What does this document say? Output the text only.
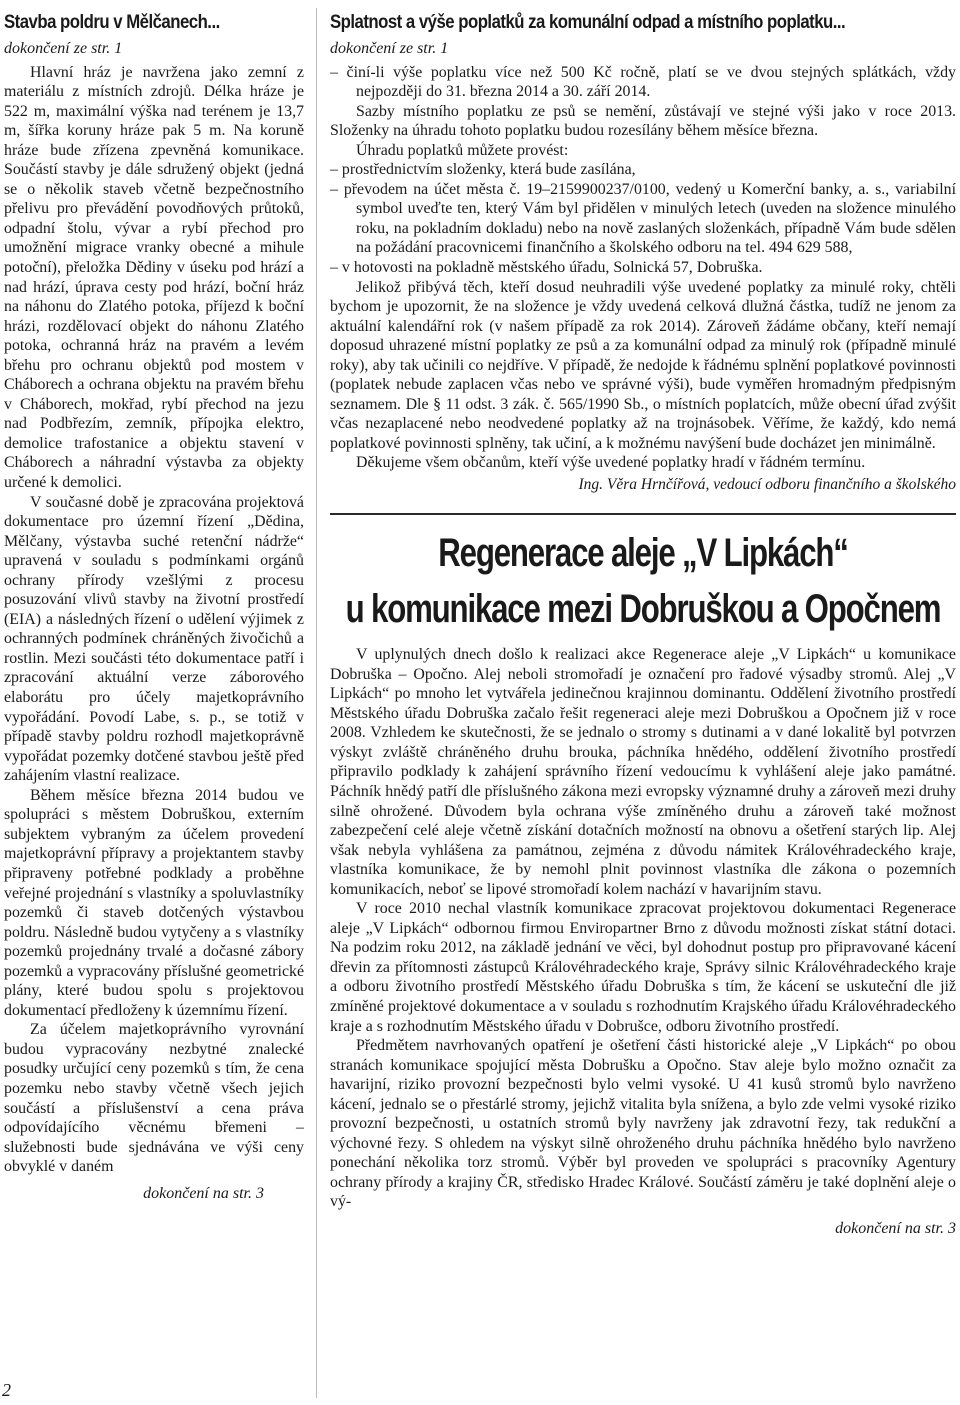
Stavba poldru v Mělčanech...
dokončení ze str. 1

Hlavní hráz je navržena jako zemní z materiálu z místních zdrojů. Délka hráze je 522 m, maximální výška nad terénem je 13,7 m, šířka koruny hráze pak 5 m. Na koruně hráze bude zřízena zpevněná komunikace. Součástí stavby je dále sdružený objekt (jedná se o několik staveb včetně bezpečnostního přelivu pro převádění povodňových průtoků, odpadní štolu, vývar a rybí přechod pro umožnění migrace vranky obecné a mihule potoční), přeložka Dědiny v úseku pod hrází a nad hrází, úprava cesty pod hrází, boční hráz na náhonu do Zlatého potoka, příjezd k boční hrázi, rozdělovací objekt do náhonu Zlatého potoka, ochranná hráz na pravém a levém břehu pro ochranu objektů pod mostem v Cháborech a ochrana objektu na pravém břehu v Cháborech, mokřad, rybí přechod na jezu nad Podbřezím, zemník, přípojka elektro, demolice trafostanice a objektu stavení v Cháborech a náhradní výstavba za objekty určené k demolici.

V současné době je zpracována projektová dokumentace pro územní řízení „Dědina, Mělčany, výstavba suché retenční nádrže“ upravená v souladu s podmínkami orgánů ochrany přírody vzešlými z procesu posuzování vlivů stavby na životní prostředí (EIA) a následných řízení o udělení výjimek z ochranných podmínek chráněných živočichů a rostlin. Mezi součásti této dokumentace patří i zpracování aktuální verze záborového elaborátu pro účely majetkoprávního vypořádání. Povodí Labe, s. p., se totiž v případě stavby poldru rozhodl majetkoprávně vypořádat pozemky dotčené stavbou ještě před zahájením vlastní realizace.

Během měsíce března 2014 budou ve spolupráci s městem Dobruškou, externím subjektem vybraným za účelem provedení majetkoprávní přípravy a projektantem stavby připraveny potřebné podklady a proběhne veřejné projednání s vlastníky a spoluvlastníky pozemků či staveb dotčených výstavbou poldru. Následně budou vytyčeny a s vlastníky pozemků projednány trvalé a dočasné zábory pozemků a vypracovány příslušné geometrické plány, které budou spolu s projektovou dokumentací předloženy k územnímu řízení.

Za účelem majetkoprávního vyrovnání budou vypracovány nezbytné znalecké posudky určující ceny pozemků s tím, že cena pozemku nebo stavby včetně všech jejich součástí a příslušenství a cena práva odpovídajícího věcnému břemeni – služebnosti bude sjednávána ve výši ceny obvyklé v daném

dokončení na str. 3
2
Splatnost a výše poplatků za komunální odpad a místního poplatku...
dokončení ze str. 1

– činí-li výše poplatku více než 500 Kč ročně, platí se ve dvou stejných splátkách, vždy nejpozději do 31. března 2014 a 30. září 2014.

Sazby místního poplatku ze psů se nemění, zůstávají ve stejné výši jako v roce 2013. Složenky na úhradu tohoto poplatku budou rozesílány během měsíce března.

Úhradu poplatků můžete provést:

– prostřednictvím složenky, která bude zasílána,

– převodem na účet města č. 19–2159900237/0100, vedený u Komerční banky, a. s., variabilní symbol uveďte ten, který Vám byl přidělen v minulých letech (uveden na složence minulého roku, na pokladním dokladu) nebo na nově zaslaných složenkách, případně Vám bude sdělen na požádání pracovnicemi finančního a školského odboru na tel. 494 629 588,

– v hotovosti na pokladně městského úřadu, Solnická 57, Dobruška.

Jelikož přibývá těch, kteří dosud neuhradili výše uvedené poplatky za minulé roky, chtěli bychom je upozornit, že na složence je vždy uvedená celková dlužná částka, tudíž ne jenom za aktuální kalendářní rok (v našem případě za rok 2014). Zároveň žádáme občany, kteří nemají doposud uhrazené místní poplatky ze psů a za komunální odpad za minulý rok (případně minulé roky), aby tak učinili co nejdříve. V případě, že nedojde k řádnému splnění poplatkové povinnosti (poplatek nebude zaplacen včas nebo ve správné výši), bude vyměřen hromadným předpisným seznamem. Dle § 11 odst. 3 zák. č. 565/1990 Sb., o místních poplatcích, může obecní úřad zvýšit včas nezaplacené nebo neodvedené poplatky až na trojnásobek. Věříme, že každý, kdo nemá poplatkové povinnosti splněny, tak učiní, a k možnému navýšení bude docházet jen minimálně.

Děkujeme všem občanům, kteří výše uvedené poplatky hradí v řádném termínu.

Ing. Věra Hrnčířová, vedoucí odboru finančního a školského
Regenerace aleje „V Lipkách“
u komunikace mezi Dobruškou a Opočnem

V uplynulých dnech došlo k realizaci akce Regenerace aleje „V Lipkách“ u komunikace Dobruška – Opočno. Alej neboli stromořadí je označení pro řadové výsadby stromů. Alej „V Lipkách“ po mnoho let vytvářela jedinečnou krajinnou dominantu. Oddělení životního prostředí Městského úřadu Dobruška začalo řešit regeneraci aleje mezi Dobruškou a Opočnem již v roce 2008. Vzhledem ke skutečnosti, že se jednalo o stromy s dutinami a v dané lokalitě byl potvrzen výskyt zvláště chráněného druhu brouka, páchníka hnědého, oddělení životního prostředí připravilo podklady k zahájení správního řízení vedoucímu k vyhlášení aleje jako památné. Páchník hnědý patří dle příslušného zákona mezi evropsky významné druhy a zároveň mezi druhy silně ohrožené. Důvodem byla ochrana výše zmíněného druhu a zároveň také možnost zabezpečení celé aleje včetně získání dotačních možností na obnovu a ošetření starých lip. Alej však nebyla vyhlášena za památnou, zejména z důvodu námitek Královéhradeckého kraje, vlastníka komunikace, že by nemohl plnit povinnost vlastníka dle zákona o pozemních komunikacích, neboť se lipové stromořadí kolem nachází v havarijním stavu.

V roce 2010 nechal vlastník komunikace zpracovat projektovou dokumentaci Regenerace aleje „V Lipkách“ odbornou firmou Enviropartner Brno z důvodu možnosti získat státní dotaci. Na podzim roku 2012, na základě jednání ve věci, byl dohodnut postup pro připravované kácení dřevin za přítomnosti zástupců Královéhradeckého kraje, Správy silnic Královéhradeckého kraje a odboru životního prostředí Městského úřadu Dobruška s tím, že kácení se uskuteční dle již zmíněné projektové dokumentace a v souladu s rozhodnutím Krajského úřadu Královéhradeckého kraje a s rozhodnutím Městského úřadu v Dobrušce, odboru životního prostředí.

Předmětem navrhovaných opatření je ošetření části historické aleje „V Lipkách“ po obou stranách komunikace spojující města Dobrušku a Opočno. Stav aleje bylo možno označit za havarijní, riziko provozní bezpečnosti bylo velmi vysoké. U 41 kusů stromů bylo navrženo kácení, jednalo se o přestárlé stromy, jejichž vitalita byla snížena, a bylo zde velmi vysoké riziko provozní bezpečnosti, u ostatních stromů byly navrženy jak zdravotní řezy, tak redukční a výchovné řezy. S ohledem na výskyt silně ohroženého druhu páchníka hnědého bylo navrženo ponechání několika torz stromů. Výběr byl proveden ve spolupráci s pracovníky Agentury ochrany přírody a krajiny ČR, středisko Hradec Králové. Součástí záměru je také doplnění aleje o vý-

dokončení na str. 3
